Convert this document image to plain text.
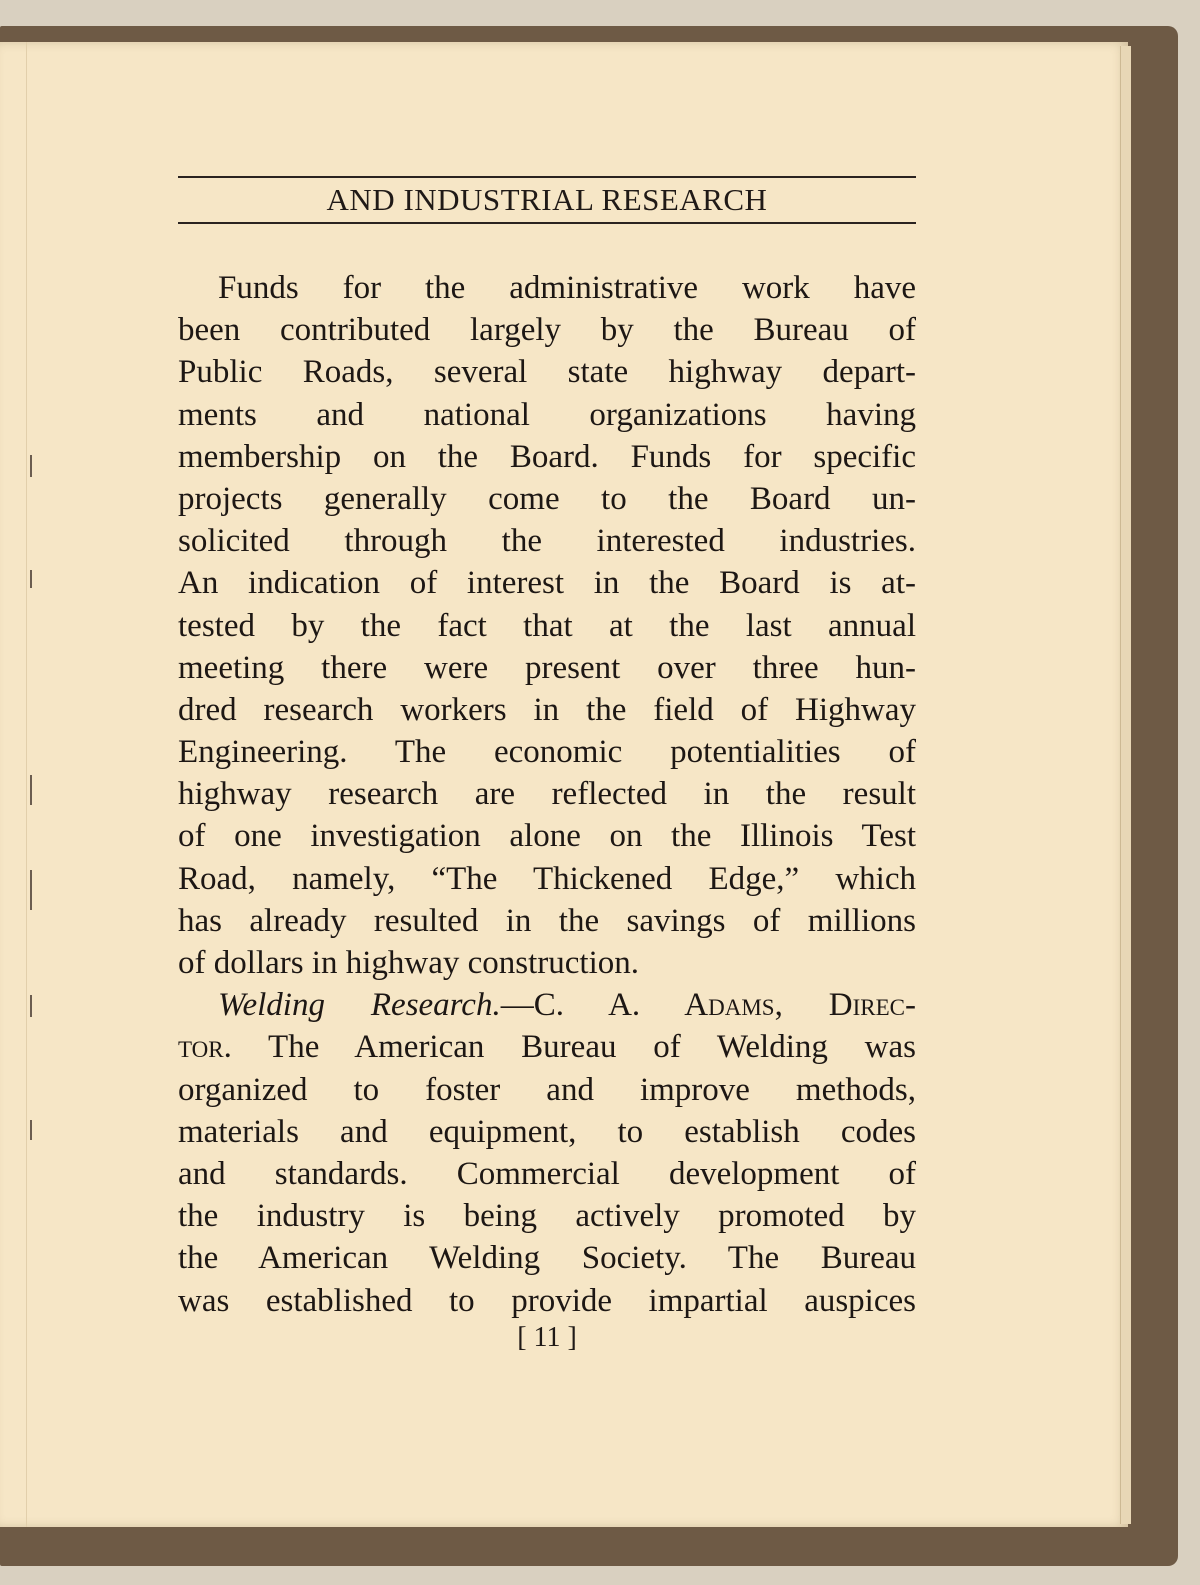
AND INDUSTRIAL RESEARCH
Funds for the administrative work have
been contributed largely by the Bureau of
Public Roads, several state highway depart-
ments and national organizations having
membership on the Board. Funds for specific
projects generally come to the Board un-
solicited through the interested industries.
An indication of interest in the Board is at-
tested by the fact that at the last annual
meeting there were present over three hun-
dred research workers in the field of Highway
Engineering. The economic potentialities of
highway research are reflected in the result
of one investigation alone on the Illinois Test
Road, namely, “The Thickened Edge,” which
has already resulted in the savings of millions
of dollars in highway construction.
Welding Research.—C. A. Adams, Direc-
tor. The American Bureau of Welding was
organized to foster and improve methods,
materials and equipment, to establish codes
and standards. Commercial development of
the industry is being actively promoted by
the American Welding Society. The Bureau
was established to provide impartial auspices
[ 11 ]
